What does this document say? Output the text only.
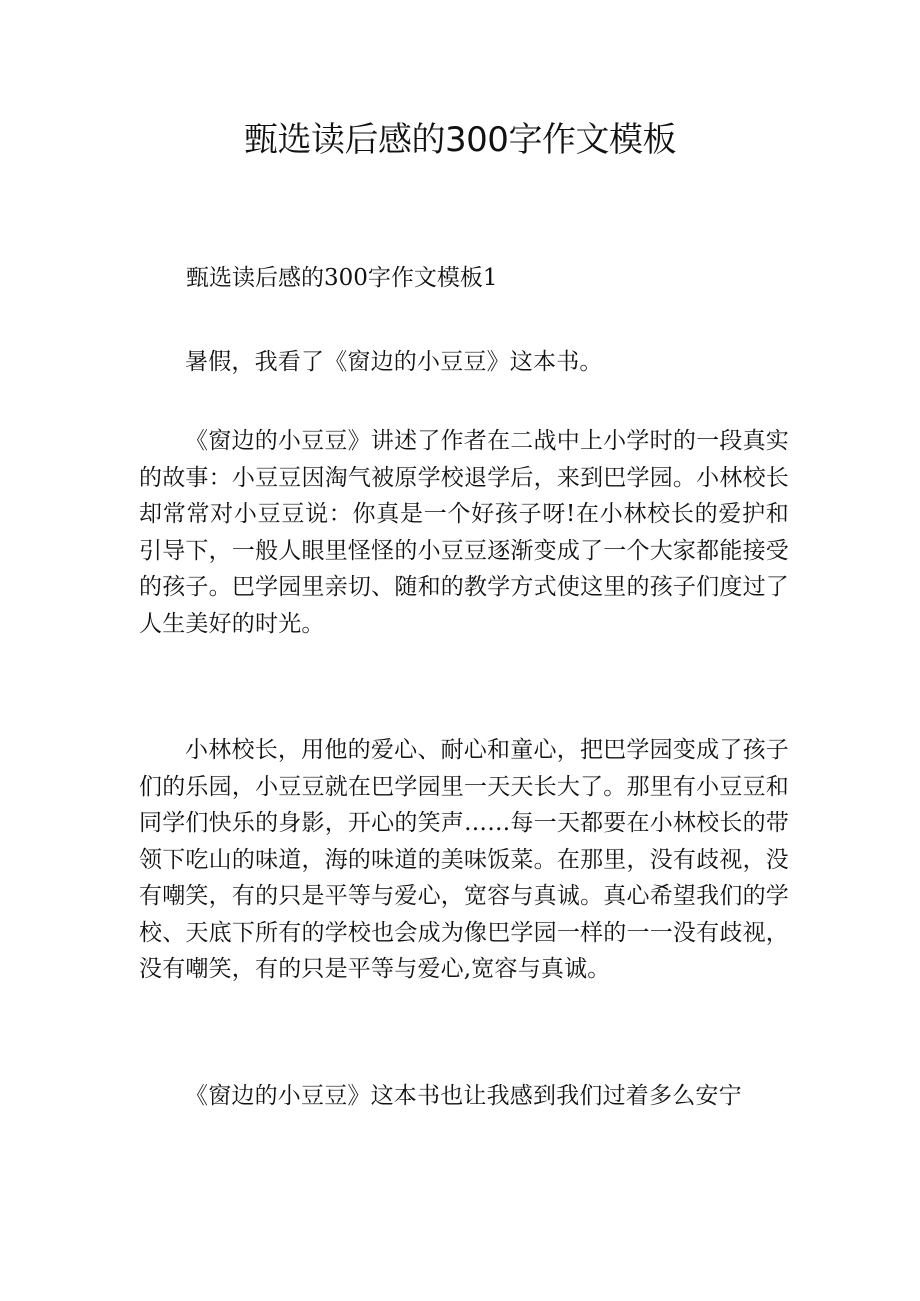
甄选读后感的300字作文模板

甄选读后感的300字作文模板1

暑假，我看了《窗边的小豆豆》这本书。

《窗边的小豆豆》讲述了作者在二战中上小学时的一段真实的故事：小豆豆因淘气被原学校退学后，来到巴学园。小林校长却常常对小豆豆说：你真是一个好孩子呀!在小林校长的爱护和引导下，一般人眼里怪怪的小豆豆逐渐变成了一个大家都能接受的孩子。巴学园里亲切、随和的教学方式使这里的孩子们度过了人生美好的时光。

小林校长，用他的爱心、耐心和童心，把巴学园变成了孩子们的乐园，小豆豆就在巴学园里一天天长大了。那里有小豆豆和同学们快乐的身影，开心的笑声……每一天都要在小林校长的带领下吃山的味道，海的味道的美味饭菜。在那里，没有歧视，没有嘲笑，有的只是平等与爱心，宽容与真诚。真心希望我们的学校、天底下所有的学校也会成为像巴学园一样的一一没有歧视，没有嘲笑，有的只是平等与爱心,宽容与真诚。

《窗边的小豆豆》这本书也让我感到我们过着多么安宁
